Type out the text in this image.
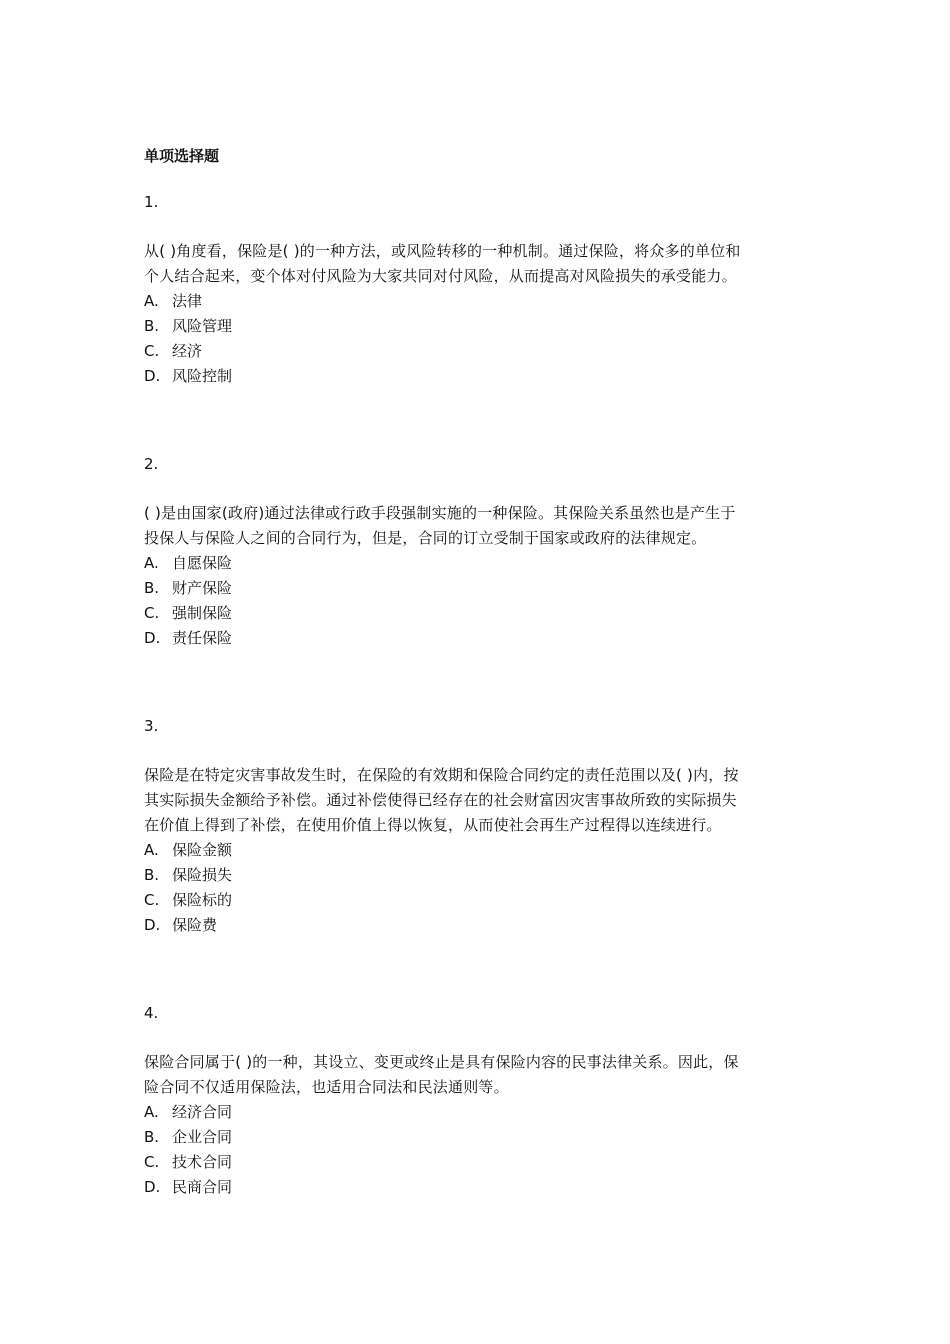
单项选择题
1.
从( )角度看，保险是( )的一种方法，或风险转移的一种机制。通过保险，将众多的单位和
个人结合起来，变个体对付风险为大家共同对付风险，从而提高对风险损失的承受能力。
A. 法律
B. 风险管理
C. 经济
D. 风险控制
2.
( )是由国家(政府)通过法律或行政手段强制实施的一种保险。其保险关系虽然也是产生于
投保人与保险人之间的合同行为，但是，合同的订立受制于国家或政府的法律规定。
A. 自愿保险
B. 财产保险
C. 强制保险
D. 责任保险
3.
保险是在特定灾害事故发生时，在保险的有效期和保险合同约定的责任范围以及( )内，按
其实际损失金额给予补偿。通过补偿使得已经存在的社会财富因灾害事故所致的实际损失
在价值上得到了补偿，在使用价值上得以恢复，从而使社会再生产过程得以连续进行。
A. 保险金额
B. 保险损失
C. 保险标的
D. 保险费
4.
保险合同属于( )的一种，其设立、变更或终止是具有保险内容的民事法律关系。因此，保
险合同不仅适用保险法，也适用合同法和民法通则等。
A. 经济合同
B. 企业合同
C. 技术合同
D. 民商合同
